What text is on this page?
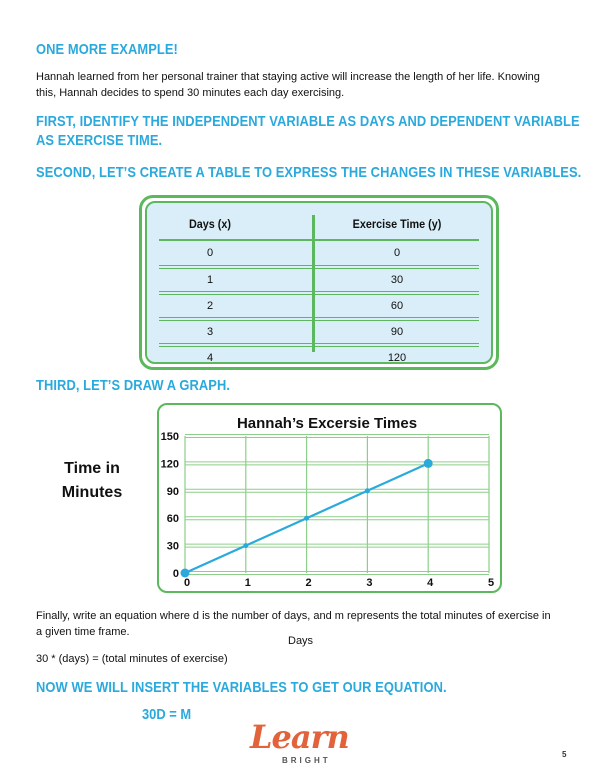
ONE MORE EXAMPLE!
Hannah learned from her personal trainer that staying active will increase the length of her life. Knowing
this, Hannah decides to spend 30 minutes each day exercising.
FIRST, IDENTIFY THE INDEPENDENT VARIABLE AS DAYS AND DEPENDENT VARIABLE
AS EXERCISE TIME.
SECOND, LET’S CREATE A TABLE TO EXPRESS THE CHANGES IN THESE VARIABLES.
Days (x)	Exercise Time (y)
0	0
1	30
2	60
3	90
4	120
THIRD, LET’S DRAW A GRAPH.
Hannah’s Excersie Times
0
30
60
90
120
150
0	1	2	3	4	5
Time in
Minutes
Finally, write an equation where d is the number of days, and m represents the total minutes of exercise in
a given time frame.
Days
30 * (days) = (total minutes of exercise)
NOW WE WILL INSERT THE VARIABLES TO GET OUR EQUATION.
30D = M
Learn
BRIGHT
5
